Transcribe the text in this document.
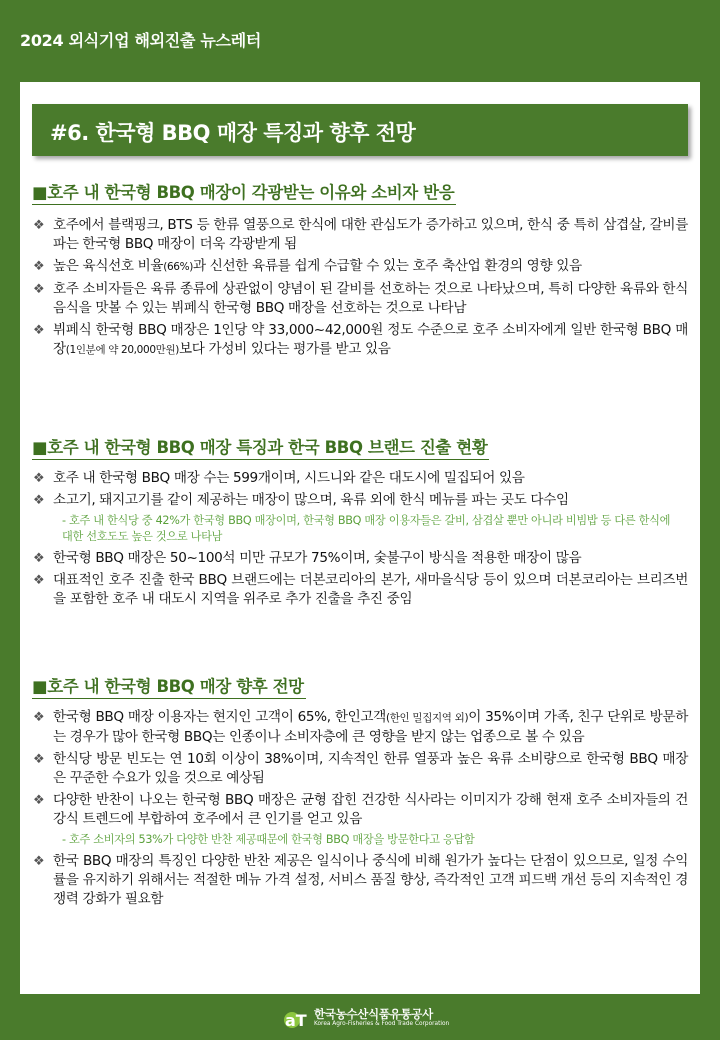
2024 외식기업 해외진출 뉴스레터
#6. 한국형 BBQ 매장 특징과 향후 전망
■호주 내 한국형 BBQ 매장이 각광받는 이유와 소비자 반응
❖ 호주에서 블랙핑크, BTS 등 한류 열풍으로 한식에 대한 관심도가 증가하고 있으며, 한식 중 특히 삼겹살, 갈비를 파는 한국형 BBQ 매장이 더욱 각광받게 됨
❖ 높은 육식선호 비율(66%)과 신선한 육류를 쉽게 수급할 수 있는 호주 축산업 환경의 영향 있음
❖ 호주 소비자들은 육류 종류에 상관없이 양념이 된 갈비를 선호하는 것으로 나타났으며, 특히 다양한 육류와 한식음식을 맛볼 수 있는 뷔페식 한국형 BBQ 매장을 선호하는 것으로 나타남
❖ 뷔페식 한국형 BBQ 매장은 1인당 약 33,000~42,000원 정도 수준으로 호주 소비자에게 일반 한국형 BBQ 매장(1인분에 약 20,000만원)보다 가성비 있다는 평가를 받고 있음
■호주 내 한국형 BBQ 매장 특징과 한국 BBQ 브랜드 진출 현황
❖ 호주 내 한국형 BBQ 매장 수는 599개이며, 시드니와 같은 대도시에 밀집되어 있음
❖ 소고기, 돼지고기를 같이 제공하는 매장이 많으며, 육류 외에 한식 메뉴를 파는 곳도 다수임
- 호주 내 한식당 중 42%가 한국형 BBQ 매장이며, 한국형 BBQ 매장 이용자들은 갈비, 삼겹살 뿐만 아니라 비빔밥 등 다른 한식에 대한 선호도도 높은 것으로 나타남
❖ 한국형 BBQ 매장은 50~100석 미만 규모가 75%이며, 숯불구이 방식을 적용한 매장이 많음
❖ 대표적인 호주 진출 한국 BBQ 브랜드에는 더본코리아의 본가, 새마을식당 등이 있으며 더본코리아는 브리즈번을 포함한 호주 내 대도시 지역을 위주로 추가 진출을 추진 중임
■호주 내 한국형 BBQ 매장 향후 전망
❖ 한국형 BBQ 매장 이용자는 현지인 고객이 65%, 한인고객(한인 밀집지역 외)이 35%이며 가족, 친구 단위로 방문하는 경우가 많아 한국형 BBQ는 인종이나 소비자층에 큰 영향을 받지 않는 업종으로 볼 수 있음
❖ 한식당 방문 빈도는 연 10회 이상이 38%이며, 지속적인 한류 열풍과 높은 육류 소비량으로 한국형 BBQ 매장은 꾸준한 수요가 있을 것으로 예상됨
❖ 다양한 반찬이 나오는 한국형 BBQ 매장은 균형 잡힌 건강한 식사라는 이미지가 강해 현재 호주 소비자들의 건강식 트렌드에 부합하여 호주에서 큰 인기를 얻고 있음
- 호주 소비자의 53%가 다양한 반찬 제공때문에 한국형 BBQ 매장을 방문한다고 응답함
❖ 한국 BBQ 매장의 특징인 다양한 반찬 제공은 일식이나 중식에 비해 원가가 높다는 단점이 있으므로, 일정 수익률을 유지하기 위해서는 적절한 메뉴 가격 설정, 서비스 품질 향상, 즉각적인 고객 피드백 개선 등의 지속적인 경쟁력 강화가 필요함
aT 한국농수산식품유통공사
Korea Agro-Fisheries & Food Trade Corporation
